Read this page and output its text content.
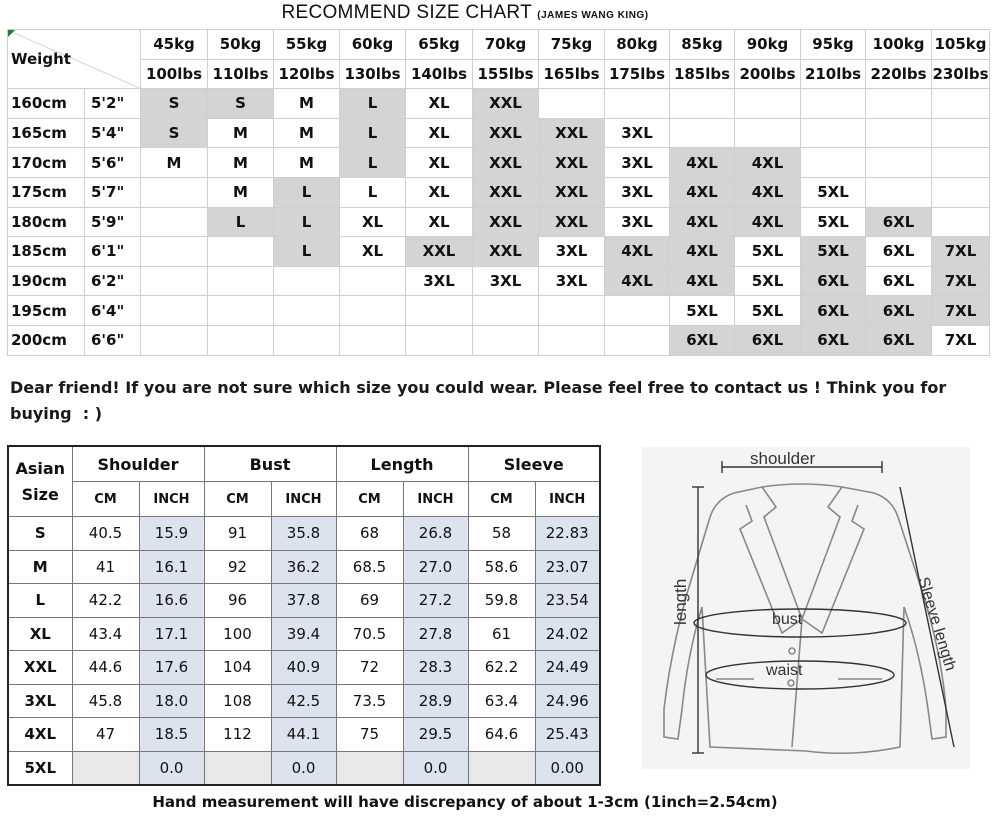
RECOMMEND SIZE CHART (JAMES WANG KING)
Weight		45kg	50kg	55kg	60kg	65kg	70kg	75kg	80kg	85kg	90kg	95kg	100kg	105kg
		100lbs	110lbs	120lbs	130lbs	140lbs	155lbs	165lbs	175lbs	185lbs	200lbs	210lbs	220lbs	230lbs
160cm	5'2"	S	S	M	L	XL	XXL							
165cm	5'4"	S	M	M	L	XL	XXL	XXL	3XL					
170cm	5'6"	M	M	M	L	XL	XXL	XXL	3XL	4XL	4XL			
175cm	5'7"		M	L	L	XL	XXL	XXL	3XL	4XL	4XL	5XL		
180cm	5'9"		L	L	XL	XL	XXL	XXL	3XL	4XL	4XL	5XL	6XL	
185cm	6'1"			L	XL	XXL	XXL	3XL	4XL	4XL	5XL	5XL	6XL	7XL
190cm	6'2"					3XL	3XL	3XL	4XL	4XL	5XL	6XL	6XL	7XL
195cm	6'4"									5XL	5XL	6XL	6XL	7XL
200cm	6'6"									6XL	6XL	6XL	6XL	7XL
Dear friend! If you are not sure which size you could wear. Please feel free to contact us ! Think you for buying  : )
Asian
Size	Shoulder		Bust		Length		Sleeve	
	CM	INCH	CM	INCH	CM	INCH	CM	INCH
S	40.5	15.9	91	35.8	68	26.8	58	22.83
M	41	16.1	92	36.2	68.5	27.0	58.6	23.07
L	42.2	16.6	96	37.8	69	27.2	59.8	23.54
XL	43.4	17.1	100	39.4	70.5	27.8	61	24.02
XXL	44.6	17.6	104	40.9	72	28.3	62.2	24.49
3XL	45.8	18.0	108	42.5	73.5	28.9	63.4	24.96
4XL	47	18.5	112	44.1	75	29.5	64.6	25.43
5XL		0.0		0.0		0.0		0.00
shoulder
bust
waist
length	Sleeve length
Hand measurement will have discrepancy of about 1-3cm (1inch=2.54cm)
